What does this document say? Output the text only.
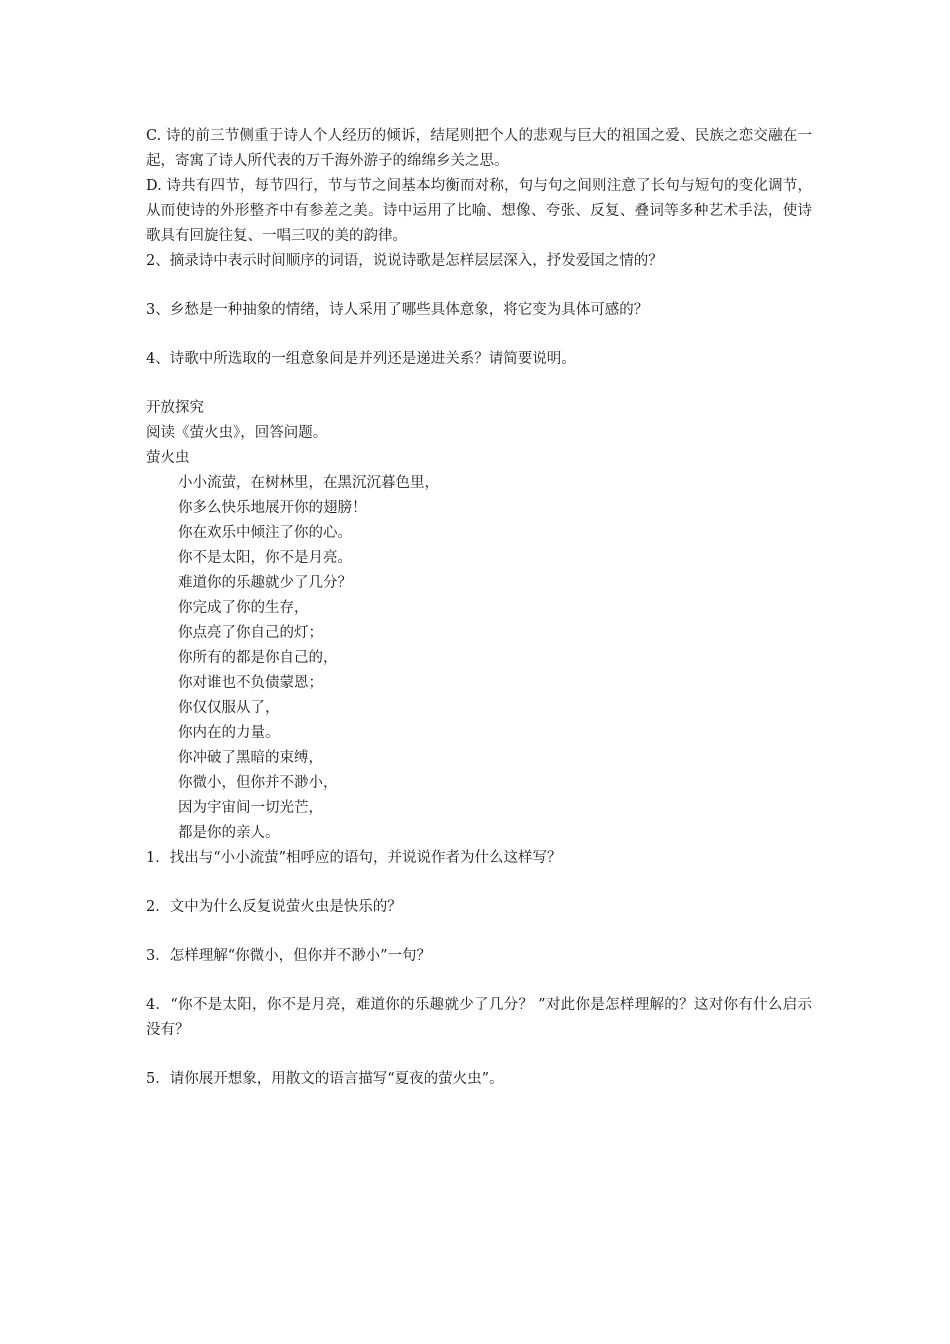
C. 诗的前三节侧重于诗人个人经历的倾诉，结尾则把个人的悲观与巨大的祖国之爱、民族之恋交融在一起，寄寓了诗人所代表的万千海外游子的绵绵乡关之思。
D. 诗共有四节，每节四行，节与节之间基本均衡而对称，句与句之间则注意了长句与短句的变化调节，从而使诗的外形整齐中有参差之美。诗中运用了比喻、想像、夸张、反复、叠词等多种艺术手法，使诗歌具有回旋往复、一唱三叹的美的韵律。
2、摘录诗中表示时间顺序的词语，说说诗歌是怎样层层深入，抒发爱国之情的？
3、乡愁是一种抽象的情绪，诗人采用了哪些具体意象，将它变为具体可感的？
4、诗歌中所选取的一组意象间是并列还是递进关系？请简要说明。
开放探究
阅读《萤火虫》，回答问题。
萤火虫
小小流萤，在树林里，在黑沉沉暮色里，
你多么快乐地展开你的翅膀！
你在欢乐中倾注了你的心。
你不是太阳，你不是月亮。
难道你的乐趣就少了几分？
你完成了你的生存，
你点亮了你自己的灯；
你所有的都是你自己的，
你对谁也不负债蒙恩；
你仅仅服从了，
你内在的力量。
你冲破了黑暗的束缚，
你微小，但你并不渺小，
因为宇宙间一切光芒，
都是你的亲人。
1．找出与“小小流萤”相呼应的语句，并说说作者为什么这样写？
2．文中为什么反复说萤火虫是快乐的？
3．怎样理解“你微小，但你并不渺小”一句？
4．“你不是太阳，你不是月亮，难道你的乐趣就少了几分？ ”对此你是怎样理解的？这对你有什么启示没有？
5．请你展开想象，用散文的语言描写“夏夜的萤火虫”。
